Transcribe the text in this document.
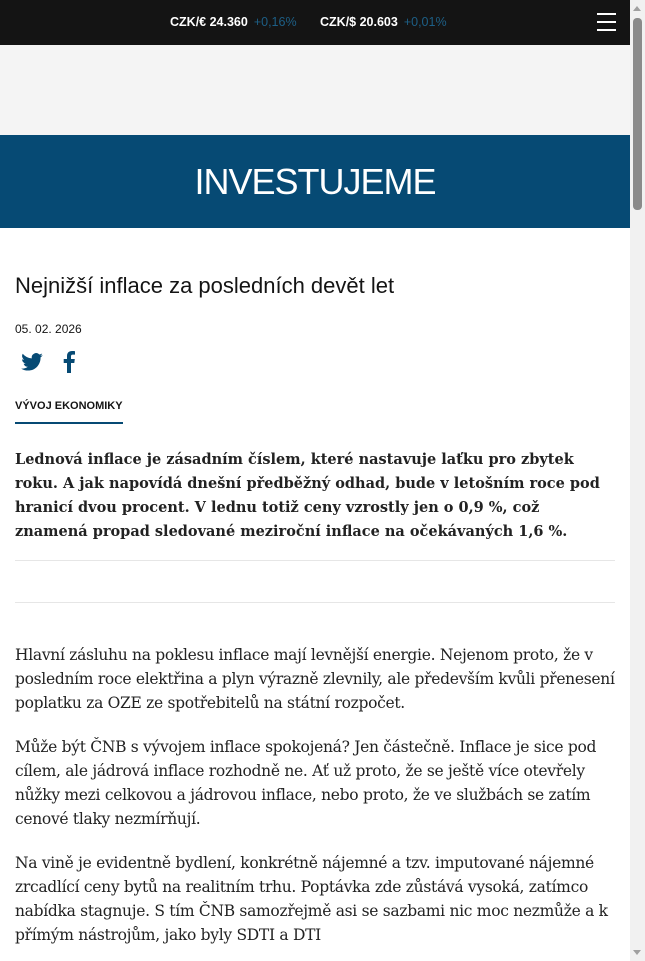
CZK/€ 24.360 +0,16% CZK/$ 20.603 +0,01%
INVESTUJEME
Nejnižší inflace za posledních devět let
05. 02. 2026
VÝVOJ EKONOMIKY

Lednová inflace je zásadním číslem, které nastavuje laťku pro zbytek roku. A jak napovídá dnešní předběžný odhad, bude v letošním roce pod hranicí dvou procent. V lednu totiž ceny vzrostly jen o 0,9 %, což znamená propad sledované meziroční inflace na očekávaných 1,6 %.

Hlavní zásluhu na poklesu inflace mají levnější energie. Nejenom proto, že v posledním roce elektřina a plyn výrazně zlevnily, ale především kvůli přenesení poplatku za OZE ze spotřebitelů na státní rozpočet.

Může být ČNB s vývojem inflace spokojená? Jen částečně. Inflace je sice pod cílem, ale jádrová inflace rozhodně ne. Ať už proto, že se ještě více otevřely nůžky mezi celkovou a jádrovou inflace, nebo proto, že ve službách se zatím cenové tlaky nezmírňují.

Na vině je evidentně bydlení, konkrétně nájemné a tzv. imputované nájemné zrcadlící ceny bytů na realitním trhu. Poptávka zde zůstává vysoká, zatímco nabídka stagnuje. S tím ČNB samozřejmě asi se sazbami nic moc nezmůže a k přímým nástrojům, jako byly SDTI a DTI
